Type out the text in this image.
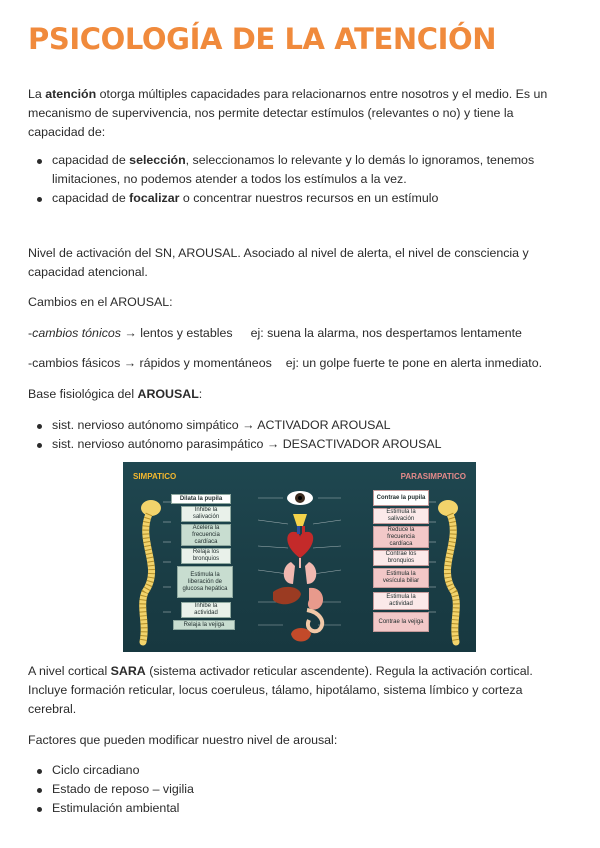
PSICOLOGÍA DE LA ATENCIÓN

La atención otorga múltiples capacidades para relacionarnos entre nosotros y el medio. Es un mecanismo de supervivencia, nos permite detectar estímulos (relevantes o no) y tiene la capacidad de:

capacidad de selección, seleccionamos lo relevante y lo demás lo ignoramos, tenemos limitaciones, no podemos atender a todos los estímulos a la vez.
capacidad de focalizar o concentrar nuestros recursos en un estímulo

Nivel de activación del SN, AROUSAL. Asociado al nivel de alerta, el nivel de consciencia y capacidad atencional.

Cambios en el AROUSAL:

-cambios tónicos → lentos y estables ej: suena la alarma, nos despertamos lentamente

-cambios fásicos → rápidos y momentáneos ej: un golpe fuerte te pone en alerta inmediato.

Base fisiológica del AROUSAL:

sist. nervioso autónomo simpático → ACTIVADOR AROUSAL
sist. nervioso autónomo parasimpático → DESACTIVADOR AROUSAL
SIMPATICO	PARASIMPATICO
Dilata la pupila
Inhibe la salivación
Acelera la frecuencia cardíaca
Relaja los bronquios
Estimula la liberación de glucosa hepática
Inhibe la actividad
Relaja la vejiga
Contrae la pupila
Estimula la salivación
Reduce la frecuencia cardíaca
Contrae los bronquios
Estimula la vesícula biliar
Estimula la actividad
Contrae la vejiga

A nivel cortical SARA (sistema activador reticular ascendente). Regula la activación cortical. Incluye formación reticular, locus coeruleus, tálamo, hipotálamo, sistema límbico y corteza cerebral.

Factores que pueden modificar nuestro nivel de arousal:

Ciclo circadiano
Estado de reposo – vigilia
Estimulación ambiental
